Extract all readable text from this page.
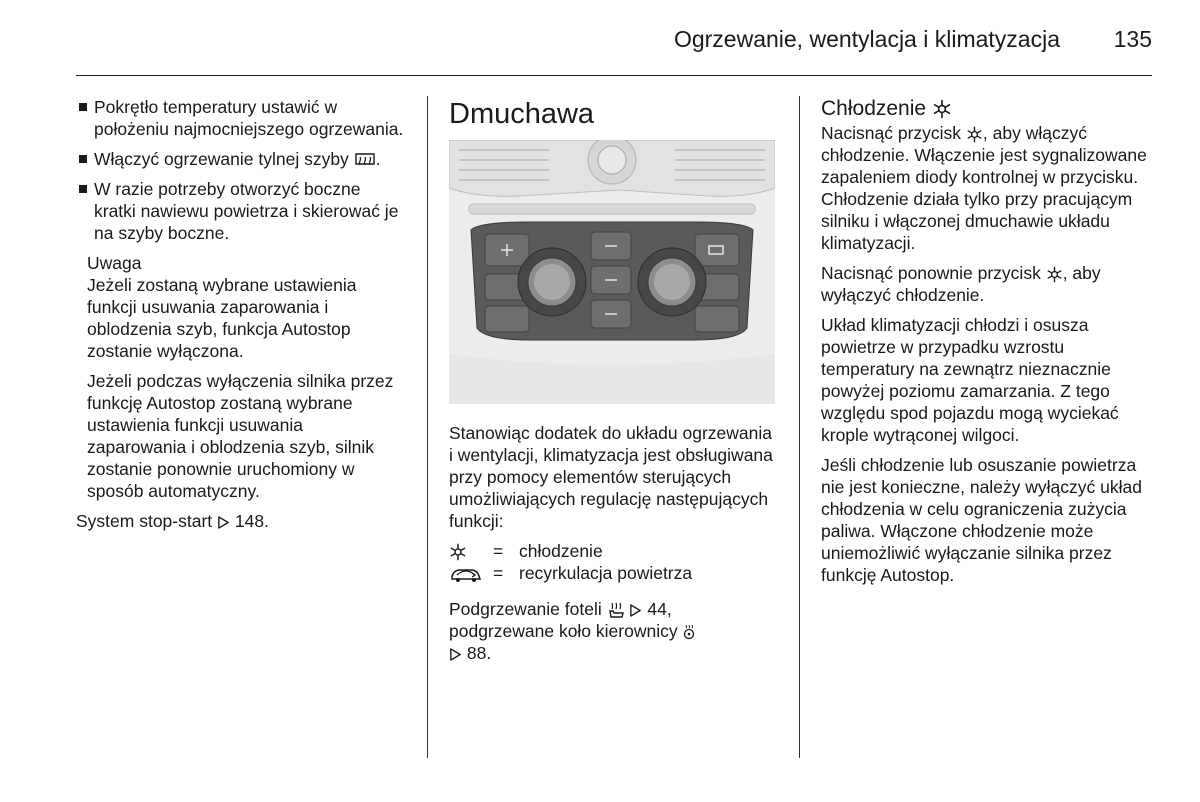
Ogrzewanie, wentylacja i klimatyzacja	135

Pokrętło temperatury ustawić w położeniu najmocniejszego ogrzewania.

Włączyć ogrzewanie tylnej szyby .

W razie potrzeby otworzyć boczne kratki nawiewu powietrza i skierować je na szyby boczne.

Uwaga

Jeżeli zostaną wybrane ustawienia funkcji usuwania zaparowania i oblodzenia szyb, funkcja Autostop zostanie wyłączona.

Jeżeli podczas wyłączenia silnika przez funkcję Autostop zostaną wybrane ustawienia funkcji usuwania zaparowania i oblodzenia szyb, silnik zostanie ponownie uruchomiony w sposób automatyczny.

System stop-start 148.

Dmuchawa

Stanowiąc dodatek do układu ogrzewania i wentylacji, klimatyzacja jest obsługiwana przy pomocy elementów sterujących umożliwiających regulację następujących funkcji:

= chłodzenie
= recyrkulacja powietrza

Podgrzewanie foteli	44,
podgrzewane koło kierownicy
88.

Chłodzenie

Nacisnąć przycisk , aby włączyć chłodzenie. Włączenie jest sygnalizowane zapaleniem diody kontrolnej w przycisku. Chłodzenie działa tylko przy pracującym silniku i włączonej dmuchawie układu klimatyzacji.

Nacisnąć ponownie przycisk , aby wyłączyć chłodzenie.

Układ klimatyzacji chłodzi i osusza powietrze w przypadku wzrostu temperatury na zewnątrz nieznacznie powyżej poziomu zamarzania. Z tego względu spod pojazdu mogą wyciekać krople wytrąconej wilgoci.

Jeśli chłodzenie lub osuszanie powietrza nie jest konieczne, należy wyłączyć układ chłodzenia w celu ograniczenia zużycia paliwa. Włączone chłodzenie może uniemożliwić wyłączanie silnika przez funkcję Autostop.
